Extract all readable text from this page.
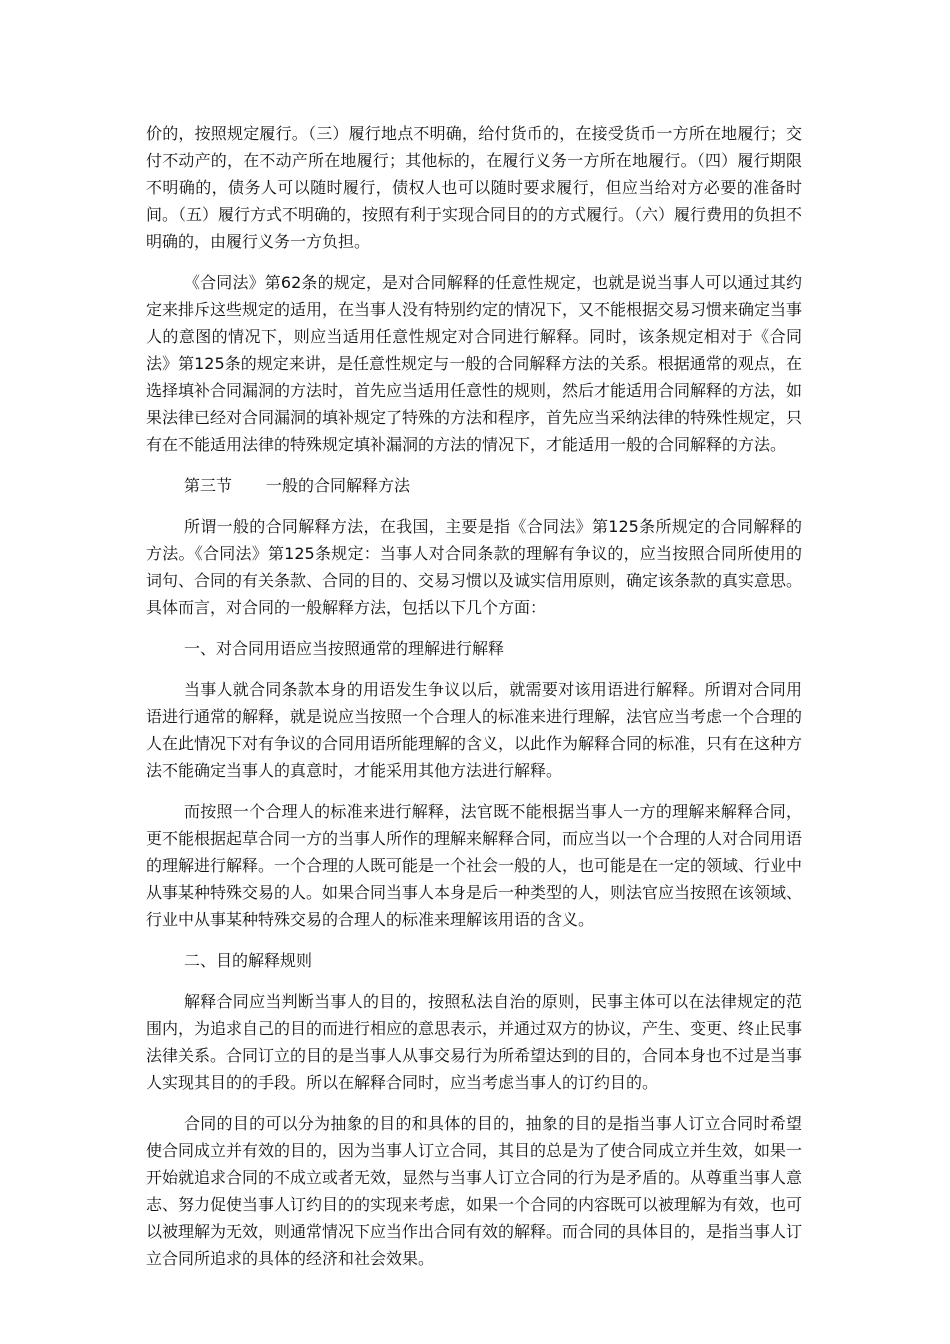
价的，按照规定履行。（三）履行地点不明确，给付货币的，在接受货币一方所在地履行；交付不动产的，在不动产所在地履行；其他标的，在履行义务一方所在地履行。（四）履行期限不明确的，债务人可以随时履行，债权人也可以随时要求履行，但应当给对方必要的准备时间。（五）履行方式不明确的，按照有利于实现合同目的的方式履行。（六）履行费用的负担不明确的，由履行义务一方负担。

《合同法》第62条的规定，是对合同解释的任意性规定，也就是说当事人可以通过其约定来排斥这些规定的适用，在当事人没有特别约定的情况下，又不能根据交易习惯来确定当事人的意图的情况下，则应当适用任意性规定对合同进行解释。同时，该条规定相对于《合同法》第125条的规定来讲，是任意性规定与一般的合同解释方法的关系。根据通常的观点，在选择填补合同漏洞的方法时，首先应当适用任意性的规则，然后才能适用合同解释的方法，如果法律已经对合同漏洞的填补规定了特殊的方法和程序，首先应当采纳法律的特殊性规定，只有在不能适用法律的特殊规定填补漏洞的方法的情况下，才能适用一般的合同解释的方法。

第三节 一般的合同解释方法

所谓一般的合同解释方法，在我国，主要是指《合同法》第125条所规定的合同解释的方法。《合同法》第125条规定：当事人对合同条款的理解有争议的，应当按照合同所使用的词句、合同的有关条款、合同的目的、交易习惯以及诚实信用原则，确定该条款的真实意思。具体而言，对合同的一般解释方法，包括以下几个方面：

一、对合同用语应当按照通常的理解进行解释

当事人就合同条款本身的用语发生争议以后，就需要对该用语进行解释。所谓对合同用语进行通常的解释，就是说应当按照一个合理人的标准来进行理解，法官应当考虑一个合理的人在此情况下对有争议的合同用语所能理解的含义，以此作为解释合同的标准，只有在这种方法不能确定当事人的真意时，才能采用其他方法进行解释。

而按照一个合理人的标准来进行解释，法官既不能根据当事人一方的理解来解释合同，更不能根据起草合同一方的当事人所作的理解来解释合同，而应当以一个合理的人对合同用语的理解进行解释。一个合理的人既可能是一个社会一般的人，也可能是在一定的领域、行业中从事某种特殊交易的人。如果合同当事人本身是后一种类型的人，则法官应当按照在该领域、行业中从事某种特殊交易的合理人的标准来理解该用语的含义。

二、目的解释规则

解释合同应当判断当事人的目的，按照私法自治的原则，民事主体可以在法律规定的范围内，为追求自己的目的而进行相应的意思表示，并通过双方的协议，产生、变更、终止民事法律关系。合同订立的目的是当事人从事交易行为所希望达到的目的，合同本身也不过是当事人实现其目的的手段。所以在解释合同时，应当考虑当事人的订约目的。

合同的目的可以分为抽象的目的和具体的目的，抽象的目的是指当事人订立合同时希望使合同成立并有效的目的，因为当事人订立合同，其目的总是为了使合同成立并生效，如果一开始就追求合同的不成立或者无效，显然与当事人订立合同的行为是矛盾的。从尊重当事人意志、努力促使当事人订约目的的实现来考虑，如果一个合同的内容既可以被理解为有效，也可以被理解为无效，则通常情况下应当作出合同有效的解释。而合同的具体目的，是指当事人订立合同所追求的具体的经济和社会效果。
